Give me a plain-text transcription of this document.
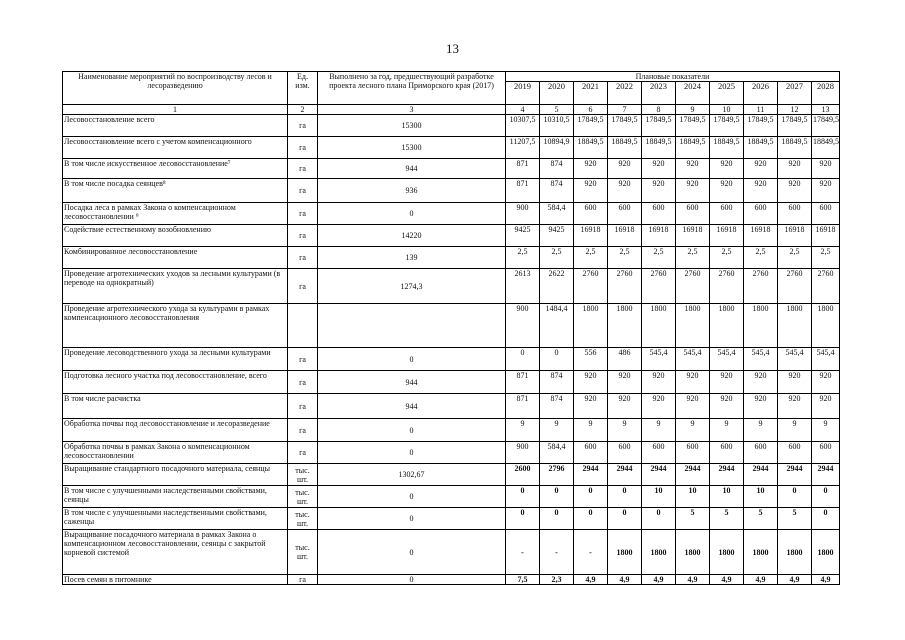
13
Наименование мероприятий по воспроизводству лесов и лесоразведению	Ед. изм.	Выполнено за год, предшествующий разработке проекта лесного плана Приморского края (2017)	Плановые показатели									
			2019	2020	2021	2022	2023	2024	2025	2026	2027	2028
1	2	3	4	5	6	7	8	9	10	11	12	13
Лесовосстановление всего	га	15300	10307,5	10310,5	17849,5	17849,5	17849,5	17849,5	17849,5	17849,5	17849,5	17849,5
Лесовосстановление всего с учетом компенсационного	га	15300	11207,5	10894,9	18849,5	18849,5	18849,5	18849,5	18849,5	18849,5	18849,5	18849,5
В том числе искусственное лесовосстановление⁷	га	944	871	874	920	920	920	920	920	920	920	920
В том числе посадка сеянцев⁸	га	936	871	874	920	920	920	920	920	920	920	920
Посадка леса в рамках Закона о компенсационном лесовосстановлении ⁹	га	0	900	584,4	600	600	600	600	600	600	600	600
Содействие естественному возобновлению	га	14220	9425	9425	16918	16918	16918	16918	16918	16918	16918	16918
Комбинированное лесовосстановление	га	139	2,5	2,5	2,5	2,5	2,5	2,5	2,5	2,5	2,5	2,5
Проведение агротехнических уходов за лесными культурами (в переводе на однократный)	га	1274,3	2613	2622	2760	2760	2760	2760	2760	2760	2760	2760
Проведение агротехнического ухода за культурами в рамках компенсационного лесовосстановления			900	1484,4	1800	1800	1800	1800	1800	1800	1800	1800
Проведение лесоводственного ухода за лесными культурами	га	0	0	0	556	486	545,4	545,4	545,4	545,4	545,4	545,4
Подготовка лесного участка под лесовосстановление, всего	га	944	871	874	920	920	920	920	920	920	920	920
В том числе расчистка	га	944	871	874	920	920	920	920	920	920	920	920
Обработка почвы под лесовосстановление и лесоразведение	га	0	9	9	9	9	9	9	9	9	9	9
Обработка почвы в рамках Закона о компенсационном лесовосстановлении	га	0	900	584,4	600	600	600	600	600	600	600	600
Выращивание стандартного посадочного материала, сеянцы	тыс. шт.	1302,67	2600	2796	2944	2944	2944	2944	2944	2944	2944	2944
В том числе с улучшенными наследственными свойствами, сеянцы	тыс. шт.	0	0	0	0	0	10	10	10	10	0	0
В том числе с улучшенными наследственными свойствами, саженцы	тыс. шт.	0	0	0	0	0	0	5	5	5	5	0
Выращивание посадочного материала в рамках Закона о компенсационном лесовосстановлении, сеянцы с закрытой корневой системой	тыс. шт.	0	-	-	-	1800	1800	1800	1800	1800	1800	1800
Посев семян в питомнике	га	0	7,5	2,3	4,9	4,9	4,9	4,9	4,9	4,9	4,9	4,9
